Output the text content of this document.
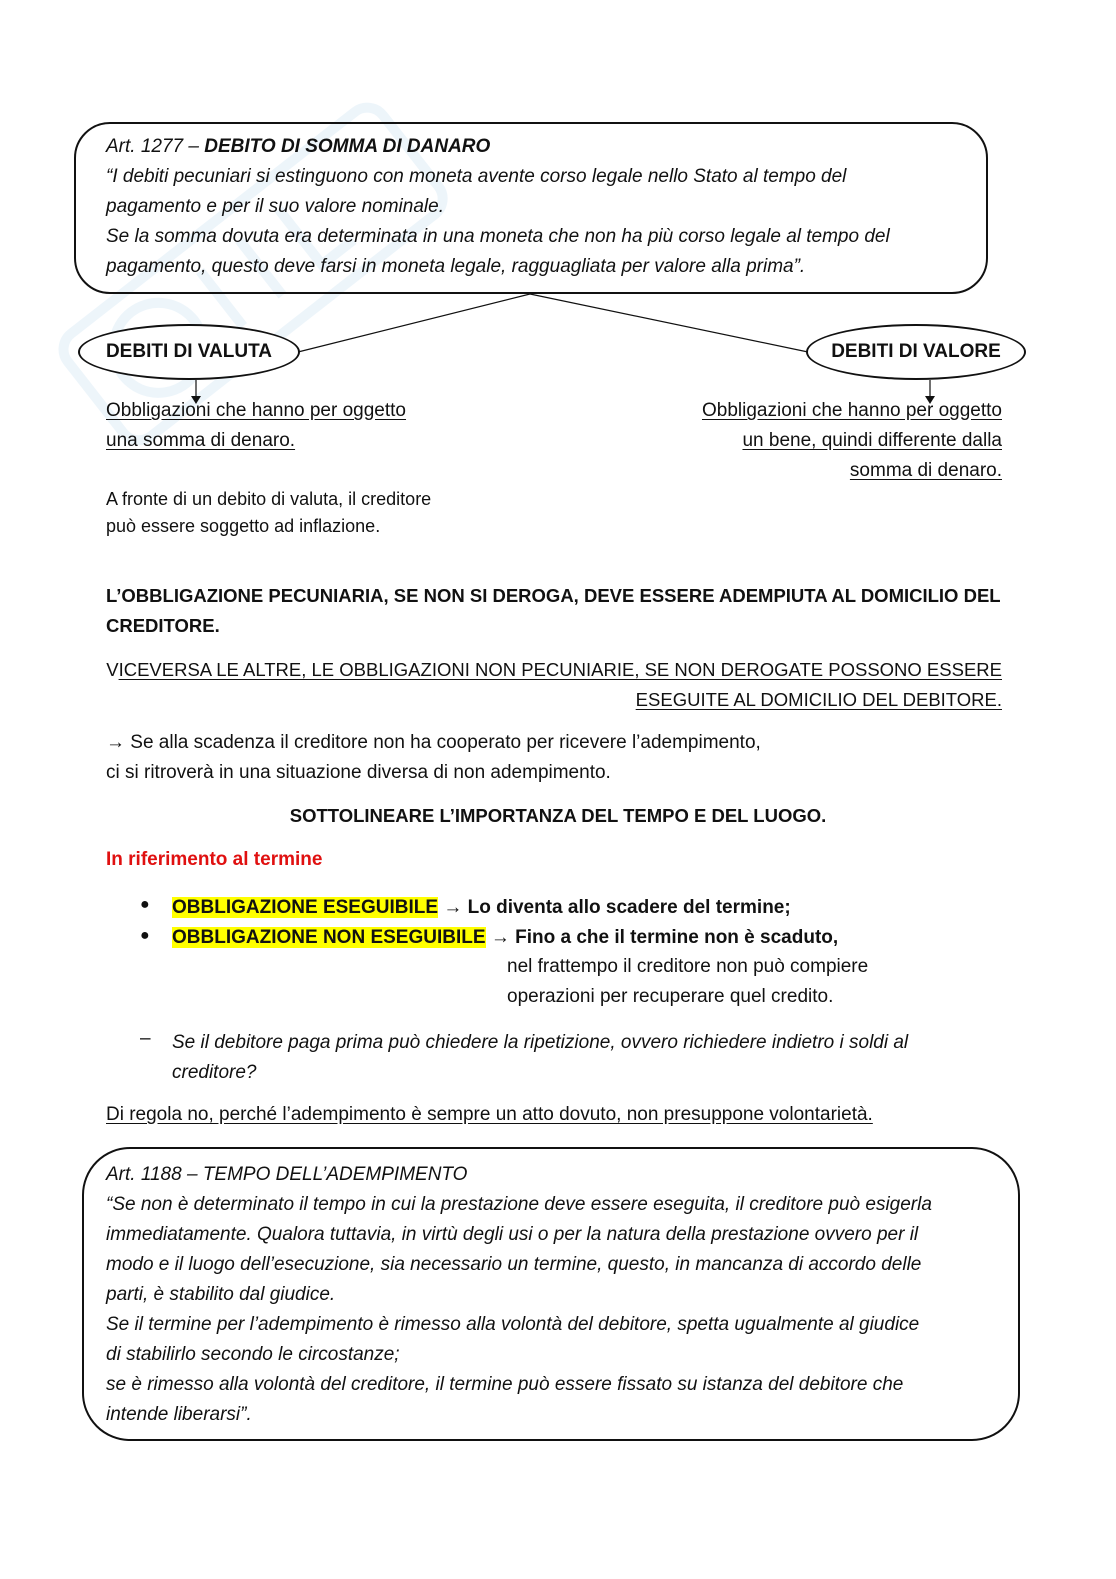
Art. 1277 – DEBITO DI SOMMA DI DANARO
“I debiti pecuniari si estinguono con moneta avente corso legale nello Stato al tempo del
pagamento e per il suo valore nominale.
Se la somma dovuta era determinata in una moneta che non ha più corso legale al tempo del
pagamento, questo deve farsi in moneta legale, ragguagliata per valore alla prima”.
DEBITI DI VALUTA	DEBITI DI VALORE
Obbligazioni che hanno per oggetto
una somma di denaro.
A fronte di un debito di valuta, il creditore
può essere soggetto ad inflazione.
Obbligazioni che hanno per oggetto
un bene, quindi differente dalla
somma di denaro.
L’OBBLIGAZIONE PECUNIARIA, SE NON SI DEROGA, DEVE ESSERE ADEMPIUTA AL DOMICILIO DEL
CREDITORE.
VICEVERSA LE ALTRE, LE OBBLIGAZIONI NON PECUNIARIE, SE NON DEROGATE POSSONO ESSERE
ESEGUITE AL DOMICILIO DEL DEBITORE.
→ Se alla scadenza il creditore non ha cooperato per ricevere l’adempimento,
ci si ritroverà in una situazione diversa di non adempimento.
SOTTOLINEARE L’IMPORTANZA DEL TEMPO E DEL LUOGO.
In riferimento al termine
● OBBLIGAZIONE ESEGUIBILE → Lo diventa allo scadere del termine;
● OBBLIGAZIONE NON ESEGUIBILE → Fino a che il termine non è scaduto,
nel frattempo il creditore non può compiere
operazioni per recuperare quel credito.
– Se il debitore paga prima può chiedere la ripetizione, ovvero richiedere indietro i soldi al
creditore?
Di regola no, perché l’adempimento è sempre un atto dovuto, non presuppone volontarietà.
Art. 1188 – TEMPO DELL’ADEMPIMENTO
“Se non è determinato il tempo in cui la prestazione deve essere eseguita, il creditore può esigerla
immediatamente. Qualora tuttavia, in virtù degli usi o per la natura della prestazione ovvero per il
modo e il luogo dell’esecuzione, sia necessario un termine, questo, in mancanza di accordo delle
parti, è stabilito dal giudice.
Se il termine per l’adempimento è rimesso alla volontà del debitore, spetta ugualmente al giudice
di stabilirlo secondo le circostanze;
se è rimesso alla volontà del creditore, il termine può essere fissato su istanza del debitore che
intende liberarsi”.
